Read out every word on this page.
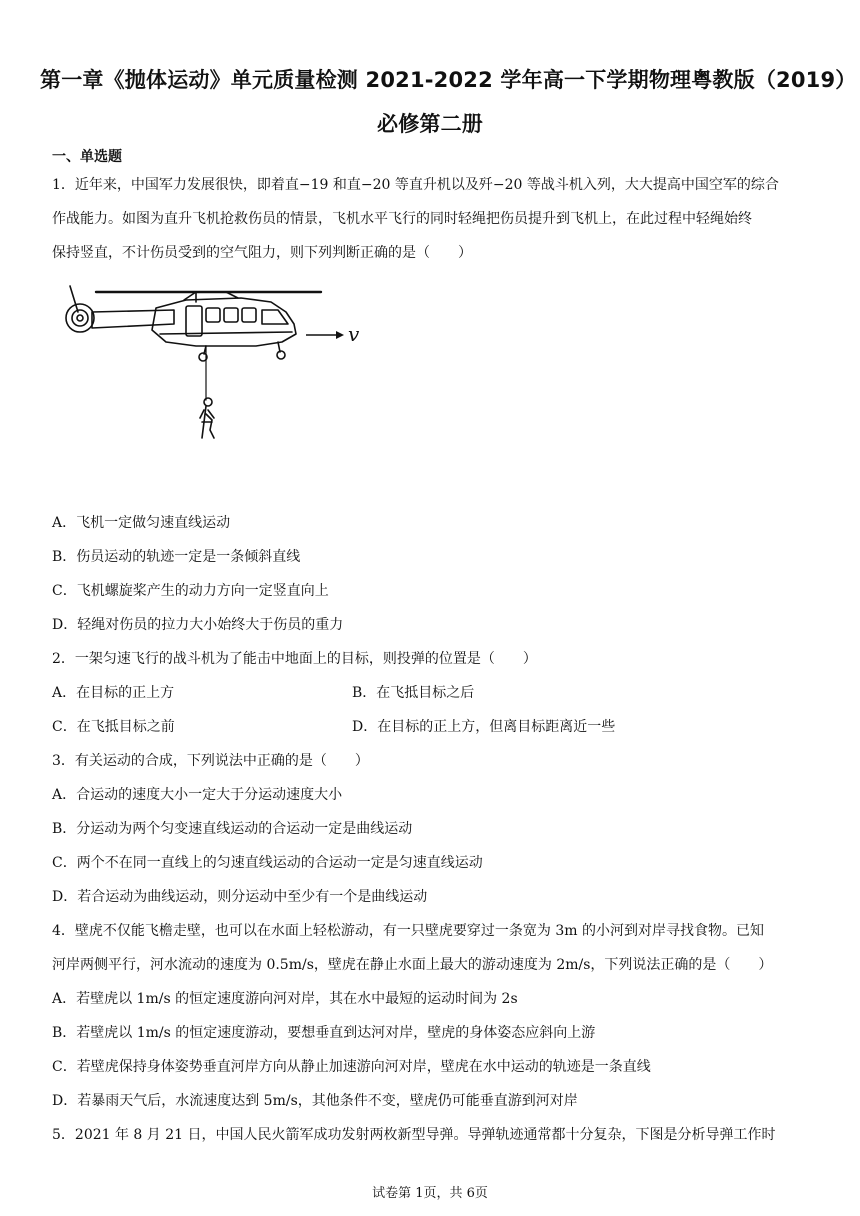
第一章《抛体运动》单元质量检测 2021-2022 学年高一下学期物理粤教版（2019）
必修第二册
一、单选题
1．近年来，中国军力发展很快，即着直−19 和直−20 等直升机以及歼−20 等战斗机入列，大大提高中国空军的综合
作战能力。如图为直升飞机抢救伤员的情景，飞机水平飞行的同时轻绳把伤员提升到飞机上，在此过程中轻绳始终
保持竖直，不计伤员受到的空气阻力，则下列判断正确的是（　　）
v
A．飞机一定做匀速直线运动
B．伤员运动的轨迹一定是一条倾斜直线
C．飞机螺旋桨产生的动力方向一定竖直向上
D．轻绳对伤员的拉力大小始终大于伤员的重力
2．一架匀速飞行的战斗机为了能击中地面上的目标，则投弹的位置是（　　）
A．在目标的正上方	B．在飞抵目标之后
C．在飞抵目标之前	D．在目标的正上方，但离目标距离近一些
3．有关运动的合成，下列说法中正确的是（　　）
A．合运动的速度大小一定大于分运动速度大小
B．分运动为两个匀变速直线运动的合运动一定是曲线运动
C．两个不在同一直线上的匀速直线运动的合运动一定是匀速直线运动
D．若合运动为曲线运动，则分运动中至少有一个是曲线运动
4．壁虎不仅能飞檐走壁，也可以在水面上轻松游动，有一只壁虎要穿过一条宽为 3m 的小河到对岸寻找食物。已知
河岸两侧平行，河水流动的速度为 0.5m/s，壁虎在静止水面上最大的游动速度为 2m/s，下列说法正确的是（　　）
A．若壁虎以 1m/s 的恒定速度游向河对岸，其在水中最短的运动时间为 2s
B．若壁虎以 1m/s 的恒定速度游动，要想垂直到达河对岸，壁虎的身体姿态应斜向上游
C．若壁虎保持身体姿势垂直河岸方向从静止加速游向河对岸，壁虎在水中运动的轨迹是一条直线
D．若暴雨天气后，水流速度达到 5m/s，其他条件不变，壁虎仍可能垂直游到河对岸
5．2021 年 8 月 21 日，中国人民火箭军成功发射两枚新型导弹。导弹轨迹通常都十分复杂，下图是分析导弹工作时
试卷第 1页，共 6页
